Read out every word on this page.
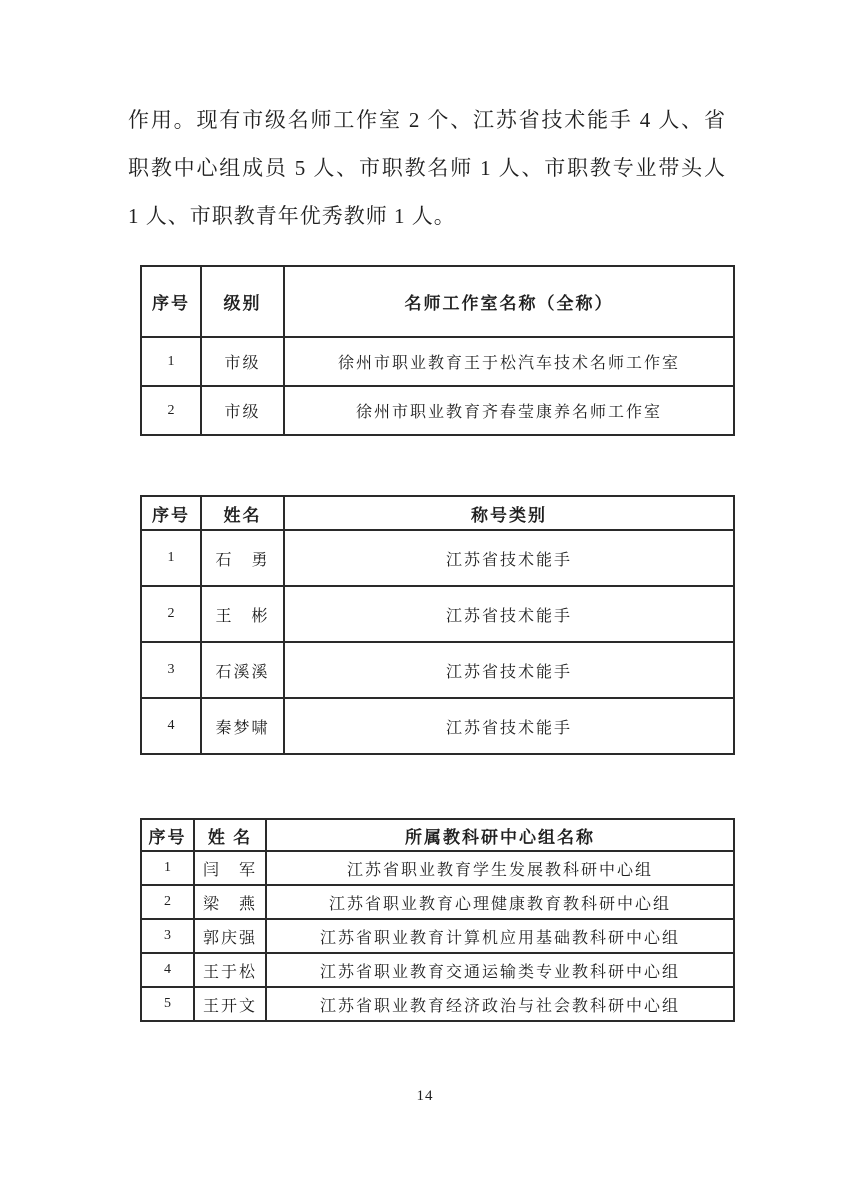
作用。现有市级名师工作室 2 个、江苏省技术能手 4 人、省
职教中心组成员 5 人、市职教名师 1 人、市职教专业带头人
1 人、市职教青年优秀教师 1 人。
序号	级别	名师工作室名称（全称）
1	市级	徐州市职业教育王于松汽车技术名师工作室
2	市级	徐州市职业教育齐春莹康养名师工作室
序号	姓名	称号类别
1	石　勇	江苏省技术能手
2	王　彬	江苏省技术能手
3	石溪溪	江苏省技术能手
4	秦梦啸	江苏省技术能手
序号	姓 名	所属教科研中心组名称
1	闫　军	江苏省职业教育学生发展教科研中心组
2	梁　燕	江苏省职业教育心理健康教育教科研中心组
3	郭庆强	江苏省职业教育计算机应用基础教科研中心组
4	王于松	江苏省职业教育交通运输类专业教科研中心组
5	王开文	江苏省职业教育经济政治与社会教科研中心组
14
